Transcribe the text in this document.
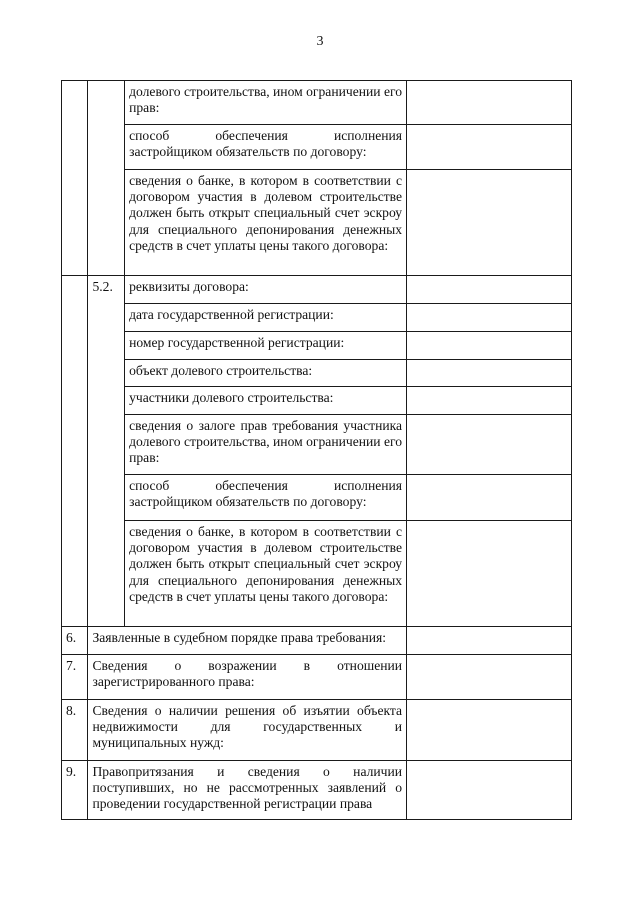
3
		долевого строительства, ином ограничении его прав:	
		способ обеспечения исполнения застройщиком обязательств по договору:	
		сведения о банке, в котором в соответствии с договором участия в долевом строительстве должен быть открыт специальный счет эскроу для специального депонирования денежных средств в счет уплаты цены такого договора:	
	5.2.	реквизиты договора:	
		дата государственной регистрации:	
		номер государственной регистрации:	
		объект долевого строительства:	
		участники долевого строительства:	
		сведения о залоге прав требования участника долевого строительства, ином ограничении его прав:	
		способ обеспечения исполнения застройщиком обязательств по договору:	
		сведения о банке, в котором в соответствии с договором участия в долевом строительстве должен быть открыт специальный счет эскроу для специального депонирования денежных средств в счет уплаты цены такого договора:	
6.	Заявленные в судебном порядке права требования:		
7.	Сведения о возражении в отношении зарегистрированного права:		
8.	Сведения о наличии решения об изъятии объекта недвижимости для государственных и муниципальных нужд:		
9.	Правопритязания и сведения о наличии поступивших, но не рассмотренных заявлений о проведении государственной регистрации права		
